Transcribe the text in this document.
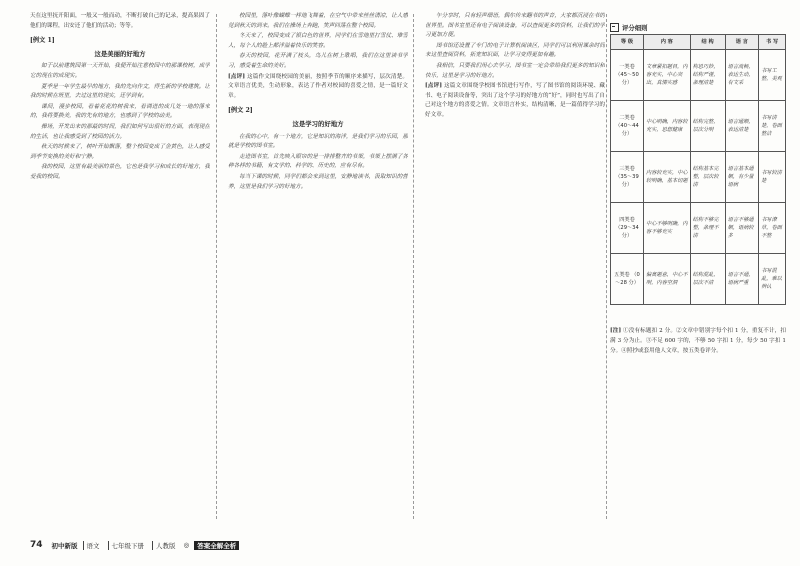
天在这里抚开阳面，一般又一般而动，不断打破自己的记录，提高果固了他们的课程，出安还了他们的活动；等等。

[例文 1]

这是美丽的好地方

如于以前建筑园第一天开始，我便开始注意校园中的那课校树，成学它的现在的成现实。

夏季是一年学生最早的地方，我的先向作文，得生新的学校建筑。让我的时候在班里，去过这里的现实，还学到有。

课间，漫步校园，看着花花的树我来，看调进的成几处一地的落来的，我将要换美，我的先有的地方，也感到了学校的动美。

操场，开发出来的那最的时间，我们如何写出很好的方面，表现现在的生活，也让我感受到了校园的活力。

秋天的时候来了，树叶开始飘落，整个校园变成了金黄色，让人感受到季节变换的美好和宁静。

我的校园，这里有最美丽的景色，它也是我学习和成长的好地方，我爱我的校园。

校园里，落叶像蝴蝶一样地飞舞着，在空气中带来丝丝清凉，让人感觉到秋天的到来。我们在操场上奔跑，笑声回荡在整个校园。

冬天来了，校园变成了银白色的世界，同学们在雪地里打雪仗、堆雪人，每个人的脸上都洋溢着快乐的笑容。

春天的校园，花开满了枝头，鸟儿在树上歌唱，我们在这里读书学习，感受着生命的美好。

[点评] 这篇作文围绕校园的美丽，按照季节的顺序来描写，层次清楚。文章语言优美，生动形象，表达了作者对校园的喜爱之情，是一篇好文章。

[例文 2]

这是学习的好地方

在我的心中，有一个地方，它是知识的海洋，是我们学习的乐园，那就是学校的图书室。

走进图书室，首先映入眼帘的是一排排整齐的书架，书架上摆满了各种各样的书籍，有文学的、科学的、历史的，应有尽有。

每当下课的时候，同学们都会来到这里，安静地读书，汲取知识的营养，这里是我们学习的好地方。

午分享时，只有轻声细语，偶尔传来翻书的声音，大家都沉浸在书的世界里。图书室里还有电子阅读设备，可以查阅更多的资料，让我们的学习更加方便。

图书馆还设置了专门的电子计算机阅读区，同学们可以利用课余时间来这里查阅资料，拓宽知识面，让学习变得更加有趣。

我相信，只要我们用心去学习，图书室一定会带给我们更多的知识和快乐，这里是学习的好地方。

[点评] 这篇文章围绕学校图书馆进行写作，写了图书馆的阅读环境、藏书、电子阅读设备等，突出了这个学习的好地方的“好”，同时也写出了自己对这个地方的喜爱之情。文章语言朴实，结构清晰，是一篇值得学习的好文章。

评分细则
等 级	内 容	结 构	语 言	书 写
一类卷 （45～50 分）	文章紧扣题目，内容充实，中心突出，真情实感	构思巧妙，结构严谨，条理清楚	语言流畅，表达生动，有文采	书写工整，美观
二类卷 （40～44 分）	中心明确，内容较充实，思想健康	结构完整，层次分明	语言通顺，表达清楚	书写清楚，卷面整洁
三类卷 （35～39 分）	内容较充实，中心较明确，基本切题	结构基本完整，层次较清	语言基本通顺，有少量语病	书写较清楚
四类卷 （29～34 分）	中心不够明确，内容不够充实	结构不够完整，条理不清	语言不够通顺，语病较多	书写潦草，卷面不整
五类卷 （0～28 分）	偏离题意，中心不明，内容空洞	结构混乱，层次不清	语言不通，语病严重	书写混乱，难以辨认
[注] ①没有标题扣 2 分。②文章中错别字每个扣 1 分，重复不计，扣满 3 分为止。③不足 600 字的，不够 50 字扣 1 分，每少 50 字扣 1 分。④照抄或套用他人文章，按五类卷评分。
74 初中新版	语文	七年级下册	人教版	◎	答案全解全析
